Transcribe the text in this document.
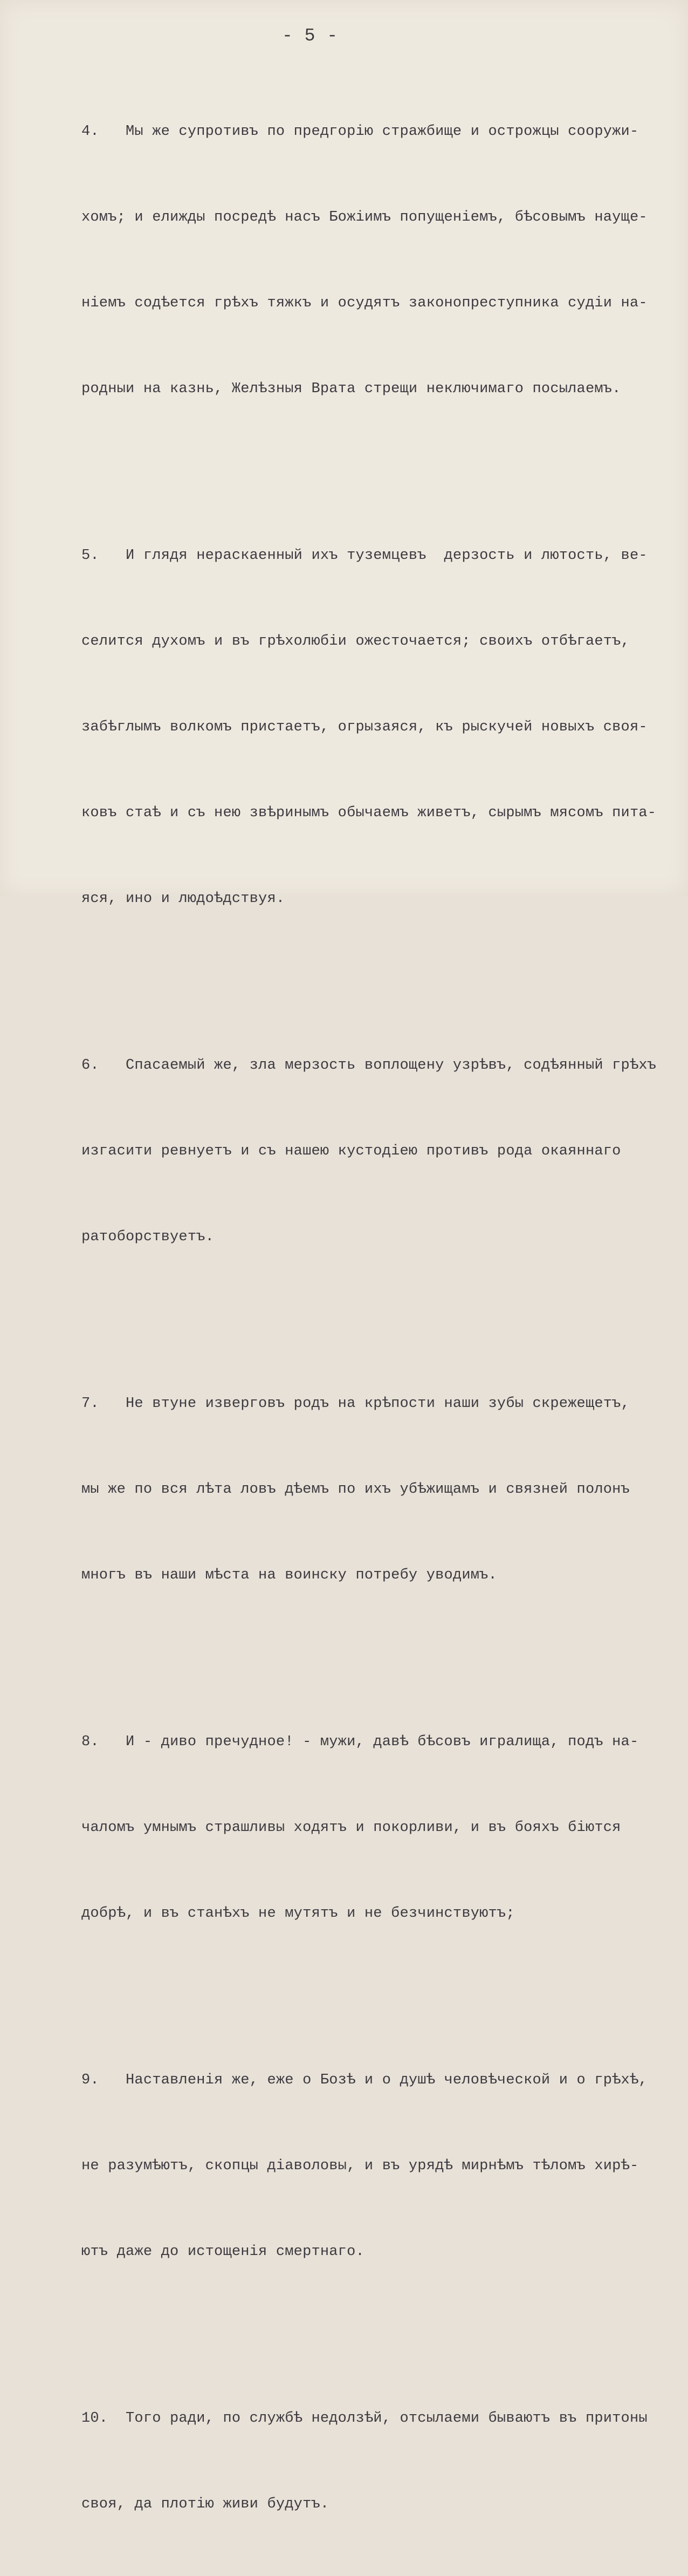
- 5 -

4.   Мы же супротивъ по предгорію стражбищe и острожцы сооружи-

хомъ; и елижды посредѣ насъ Божіимъ попущеніемъ, бѣсовымъ науще-

ніемъ содѣется грѣхъ тяжкъ и осудятъ законопреступника судіи на-

родныи на казнь, Желѣзныя Врата стрещи неключимаго посылаемъ.

5.   И глядя нераскаенный ихъ туземцевъ  дерзость и лютость, ве-

селится духомъ и въ грѣхолюбіи ожесточается; своихъ отбѣгаетъ,

забѣглымъ волкомъ пристаетъ, огрызаяся, къ рыскучей новыхъ своя-

ковъ стаѣ и съ нею звѣринымъ обычаемъ живетъ, сырымъ мясомъ пита-

яся, ино и людоѣдствуя.

6.   Спасаемый же, зла мерзость воплощену узрѣвъ, содѣянный грѣхъ

изгасити ревнуетъ и съ нашею кустодіею противъ рода окаяннаго

ратоборствуетъ.

7.   Не втуне изверговъ родъ на крѣпости наши зубы скрежещетъ,

мы же по вся лѣта ловъ дѣемъ по ихъ убѣжищамъ и связней полонъ

многъ въ наши мѣста на воинску потребу уводимъ.

8.   И - диво пречудное! - мужи, давѣ бѣсовъ игралища, подъ на-

чаломъ умнымъ страшливы ходятъ и покорливи, и въ бояхъ біются

добрѣ, и въ станѣхъ не мутятъ и не безчинствуютъ;

9.   Наставленія же, еже о Бозѣ и о душѣ человѣческой и о грѣхѣ,

не разумѣютъ, скопцы діаволовы, и въ урядѣ мирнѣмъ тѣломъ хирѣ-

ютъ даже до истощенія смертнаго.

10.  Того ради, по службѣ недолзѣй, отсылаеми бываютъ въ притоны

своя, да плотію живи будутъ.
